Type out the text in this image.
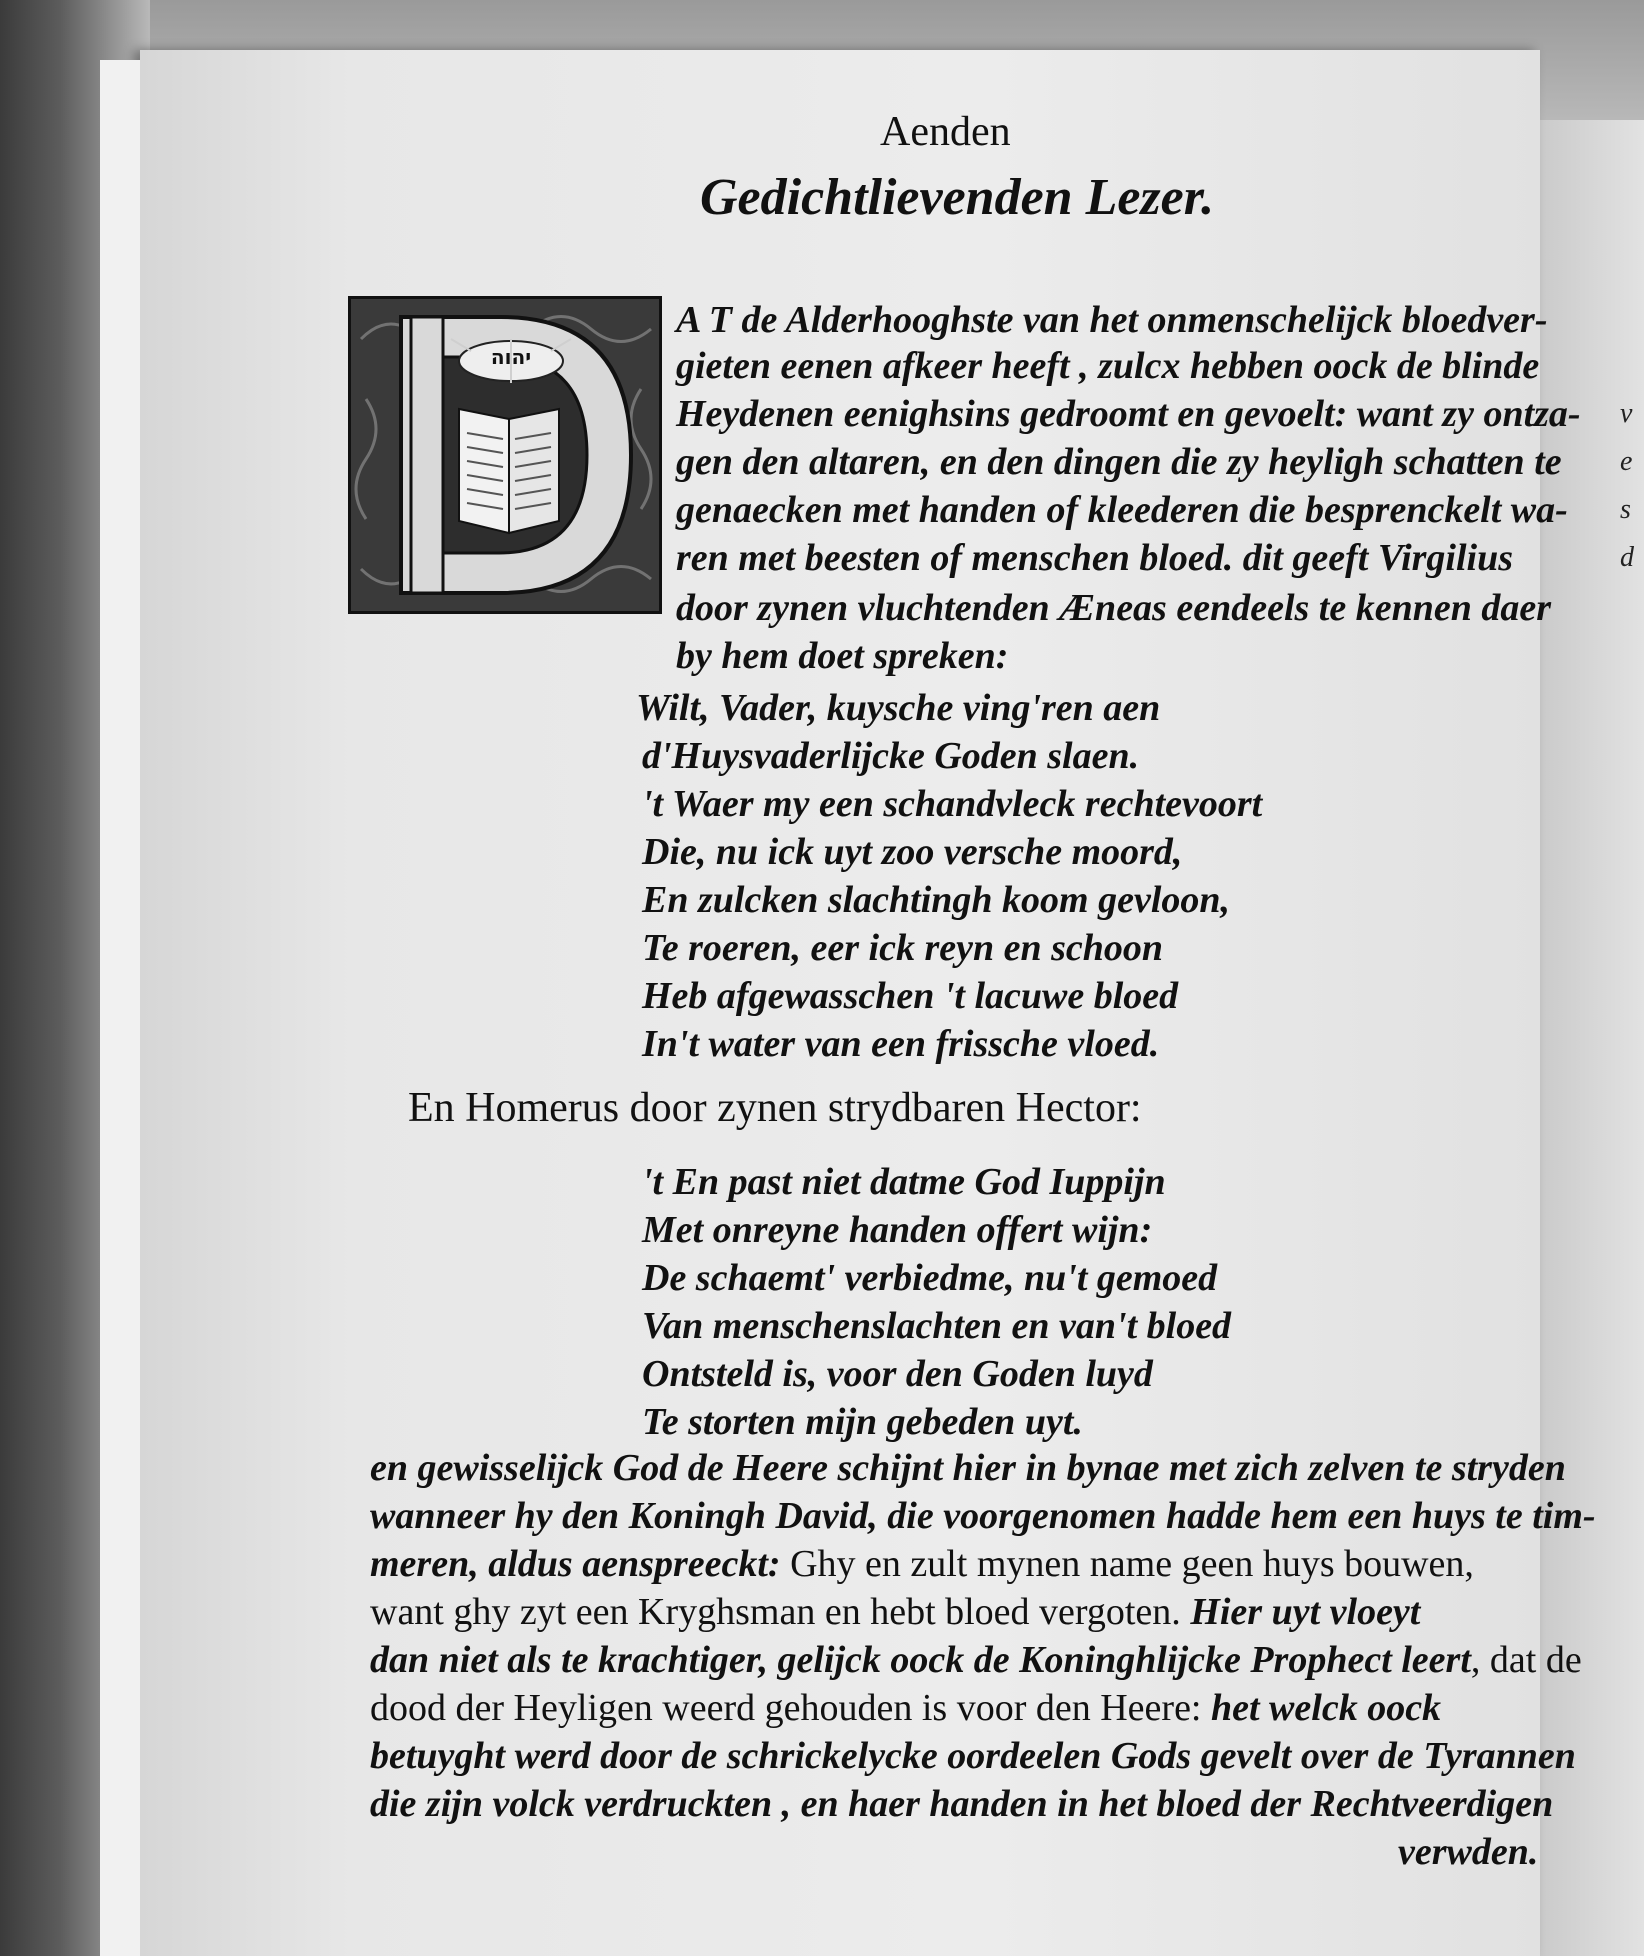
v
e
s
d
Aenden
Gedichtlievenden Lezer.
יהוה
A T de Alderhooghste van het onmenschelijck bloedver-
gieten eenen afkeer heeft , zulcx hebben oock de blinde
Heydenen eenighsins gedroomt en gevoelt: want zy ontza-
gen den altaren, en den dingen die zy heyligh schatten te
genaecken met handen of kleederen die besprenckelt wa-
ren met beesten of menschen bloed. dit geeft Virgilius
door zynen vluchtenden Æneas eendeels te kennen daer
by hem doet spreken:
Wilt, Vader, kuysche ving'ren aen
d'Huysvaderlijcke Goden slaen.
't Waer my een schandvleck rechtevoort
Die, nu ick uyt zoo versche moord,
En zulcken slachtingh koom gevloon,
Te roeren, eer ick reyn en schoon
Heb afgewasschen 't lacuwe bloed
In't water van een frissche vloed.
En Homerus door zynen strydbaren Hector:
't En past niet datme God Iuppijn
Met onreyne handen offert wijn:
De schaemt' verbiedme, nu't gemoed
Van menschenslachten en van't bloed
Ontsteld is, voor den Goden luyd
Te storten mijn gebeden uyt.
en gewisselijck God de Heere schijnt hier in bynae met zich zelven te stryden
wanneer hy den Koningh David, die voorgenomen hadde hem een huys te tim-
meren, aldus aenspreeckt: Ghy en zult mynen name geen huys bouwen,
want ghy zyt een Kryghsman en hebt bloed vergoten. Hier uyt vloeyt
dan niet als te krachtiger, gelijck oock de Koninghlijcke Prophect leert, dat de
dood der Heyligen weerd gehouden is voor den Heere: het welck oock
betuyght werd door de schrickelycke oordeelen Gods gevelt over de Tyrannen
die zijn volck verdruckten , en haer handen in het bloed der Rechtveerdigen
verwden.
